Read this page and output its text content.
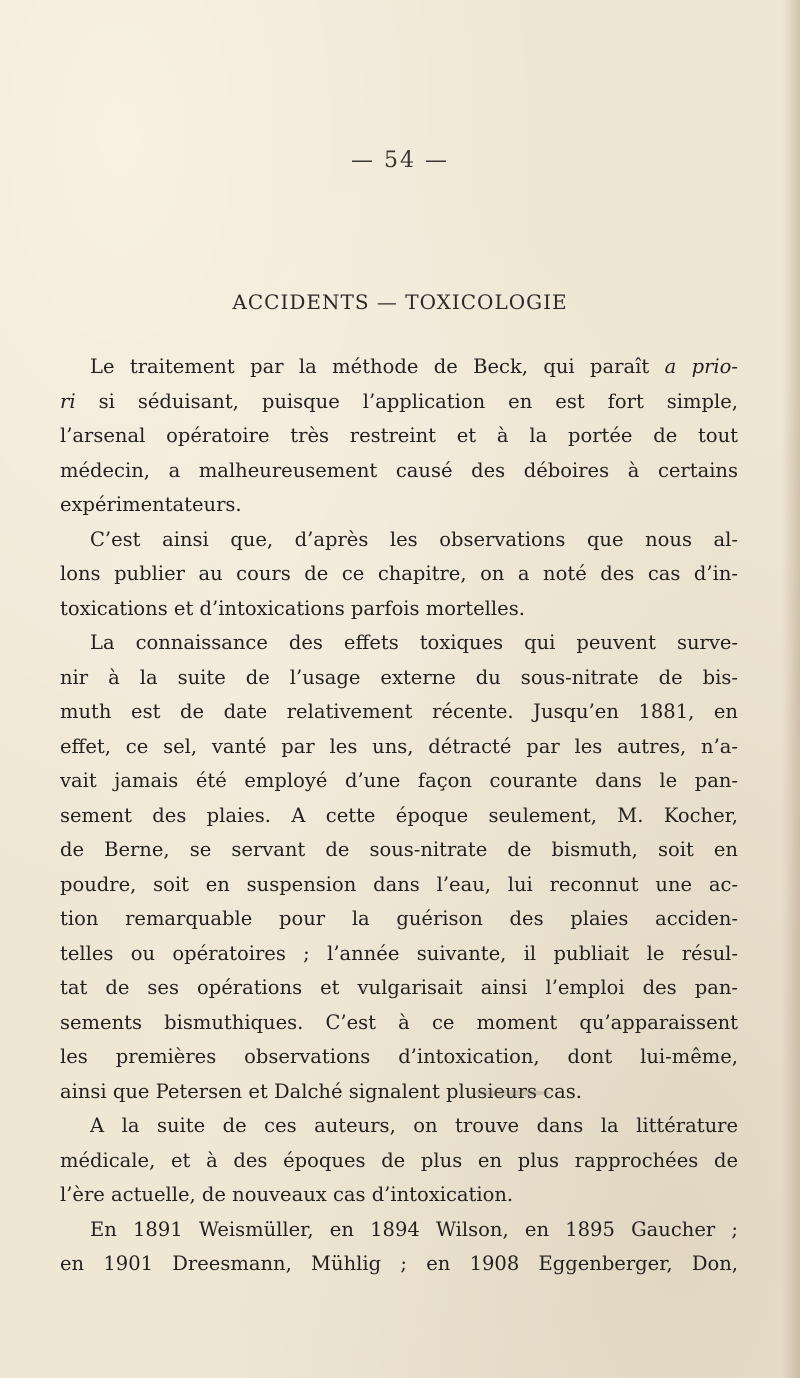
— 54 —
ACCIDENTS — TOXICOLOGIE
Le traitement par la méthode de Beck, qui paraît a prio-
ri si séduisant, puisque l’application en est fort simple,
l’arsenal opératoire très restreint et à la portée de tout
médecin, a malheureusement causé des déboires à certains
expérimentateurs.
C’est ainsi que, d’après les observations que nous al-
lons publier au cours de ce chapitre, on a noté des cas d’in-
toxications et d’intoxications parfois mortelles.
La connaissance des effets toxiques qui peuvent surve-
nir à la suite de l’usage externe du sous-nitrate de bis-
muth est de date relativement récente. Jusqu’en 1881, en
effet, ce sel, vanté par les uns, détracté par les autres, n’a-
vait jamais été employé d’une façon courante dans le pan-
sement des plaies. A cette époque seulement, M. Kocher,
de Berne, se servant de sous-nitrate de bismuth, soit en
poudre, soit en suspension dans l’eau, lui reconnut une ac-
tion remarquable pour la guérison des plaies acciden-
telles ou opératoires ; l’année suivante, il publiait le résul-
tat de ses opérations et vulgarisait ainsi l’emploi des pan-
sements bismuthiques. C’est à ce moment qu’apparaissent
les premières observations d’intoxication, dont lui-même,
ainsi que Petersen et Dalché signalent plusieurs cas.
A la suite de ces auteurs, on trouve dans la littérature
médicale, et à des époques de plus en plus rapprochées de
l’ère actuelle, de nouveaux cas d’intoxication.
En 1891 Weismüller, en 1894 Wilson, en 1895 Gaucher ;
en 1901 Dreesmann, Mühlig ; en 1908 Eggenberger, Don,
